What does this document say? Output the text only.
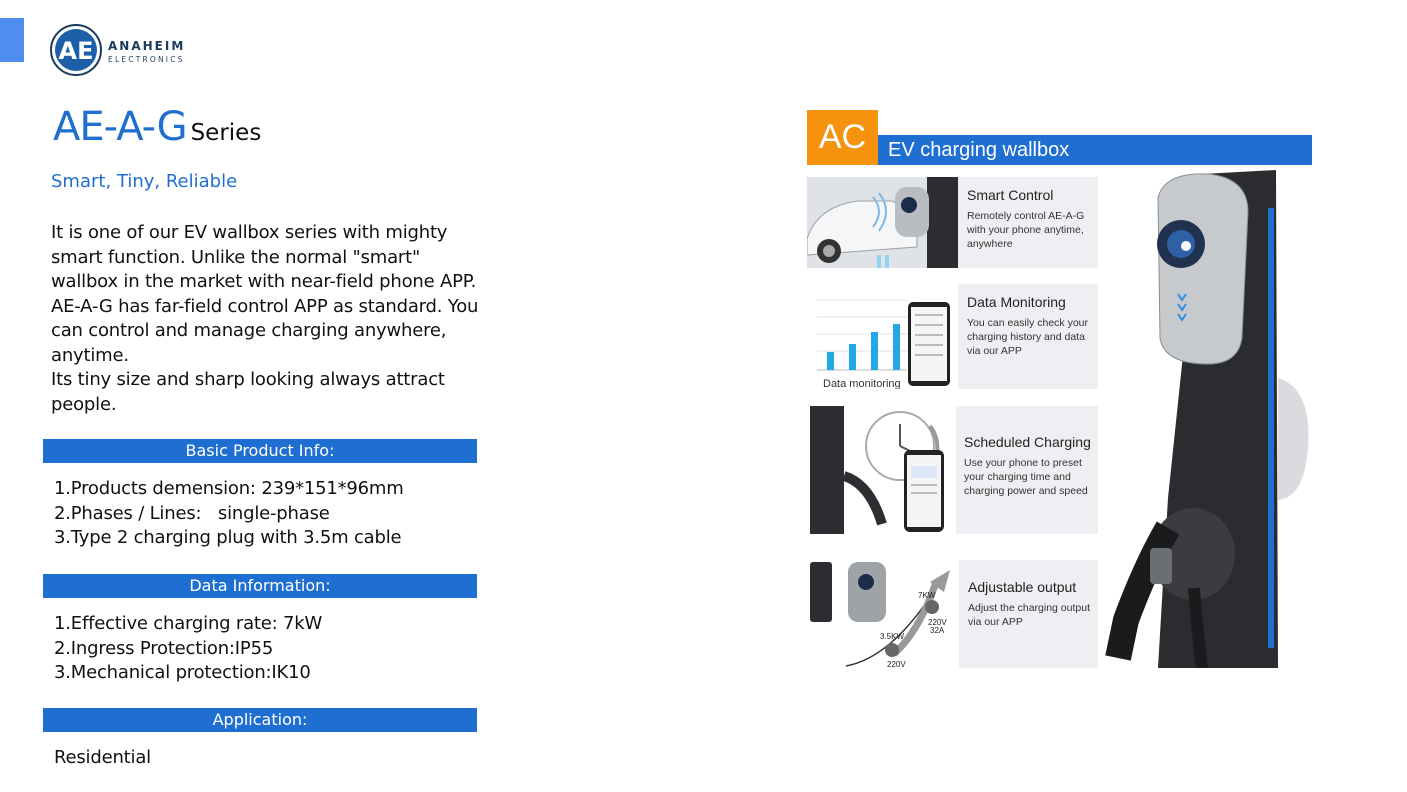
AE ANAHEIM
ELECTRONICS
AE-A-G Series
Smart, Tiny, Reliable

It is one of our EV wallbox series with mighty smart function. Unlike the normal "smart" wallbox in the market with near-field phone APP. AE-A-G has far-field control APP as standard. You can control and manage charging anywhere, anytime.

Its tiny size and sharp looking always attract people.

Basic Product Info:
1.Products demension: 239*151*96mm
2.Phases / Lines:   single-phase
3.Type 2 charging plug with 3.5m cable
Data Information:
1.Effective charging rate: 7kW
2.Ingress Protection:IP55
3.Mechanical protection:IK10
Application:
Residential
AC	EV charging wallbox
Smart Control
Remotely control AE-A-G with your phone anytime, anywhere
Data monitoring
Data Monitoring
You can easily check your charging history and data via our APP
Scheduled Charging
Use your phone to preset your charging time and charging power and speed
7KW
220V
32A
3.5KW
220V
Adjustable output
Adjust the charging output via our APP
